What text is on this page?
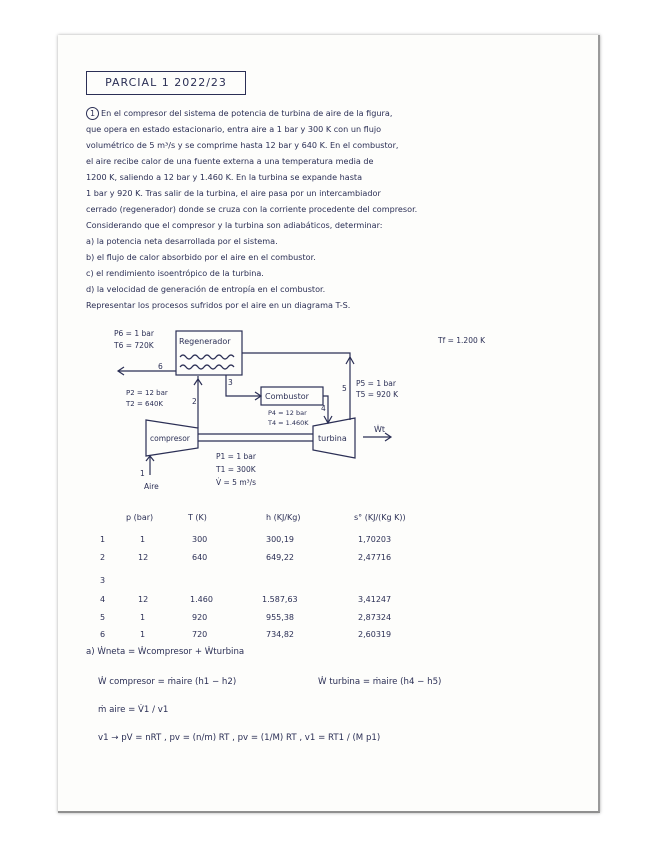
PARCIAL 1 2022/23
1 En el compresor del sistema de potencia de turbina de aire de la figura,
que opera en estado estacionario, entra aire a 1 bar y 300 K con un flujo
volumétrico de 5 m³/s y se comprime hasta 12 bar y 640 K. En el combustor,
el aire recibe calor de una fuente externa a una temperatura media de
1200 K, saliendo a 12 bar y 1.460 K. En la turbina se expande hasta
1 bar y 920 K. Tras salir de la turbina, el aire pasa por un intercambiador
cerrado (regenerador) donde se cruza con la corriente procedente del compresor.
Considerando que el compresor y la turbina son adiabáticos, determinar:
a) la potencia neta desarrollada por el sistema.
b) el flujo de calor absorbido por el aire en el combustor.
c) el rendimiento isoentrópico de la turbina.
d) la velocidad de generación de entropía en el combustor.
Representar los procesos sufridos por el aire en un diagrama T-S.
Regenerador
Combustor
compresor	turbina
Ẇt
Aire
Tf = 1.200 K
P6 = 1 bar
T6 = 720K
P2 = 12 bar
T2 = 640K
P4 = 12 bar
T4 = 1.460K
P5 = 1 bar
T5 = 920 K
P1 = 1 bar
T1 = 300K
V̇ = 5 m³/s
1
2
3
4
5
6
p (bar)	T (K)	h (KJ/Kg)	s° (KJ/(Kg K))
1	1	300	300,19	1,70203
2	12	640	649,22	2,47716
3
4	12	1.460	1.587,63	3,41247
5	1	920	955,38	2,87324
6	1	720	734,82	2,60319
a) Ẇneta = Ẇcompresor + Ẇturbina
Ẇ compresor = ṁaire (h1 − h2)	Ẇ turbina = ṁaire (h4 − h5)
ṁ aire = V̇1 / v1
v1 → pV = nRT , pv = (n/m) RT , pv = (1/M) RT , v1 = RT1 / (M p1)
